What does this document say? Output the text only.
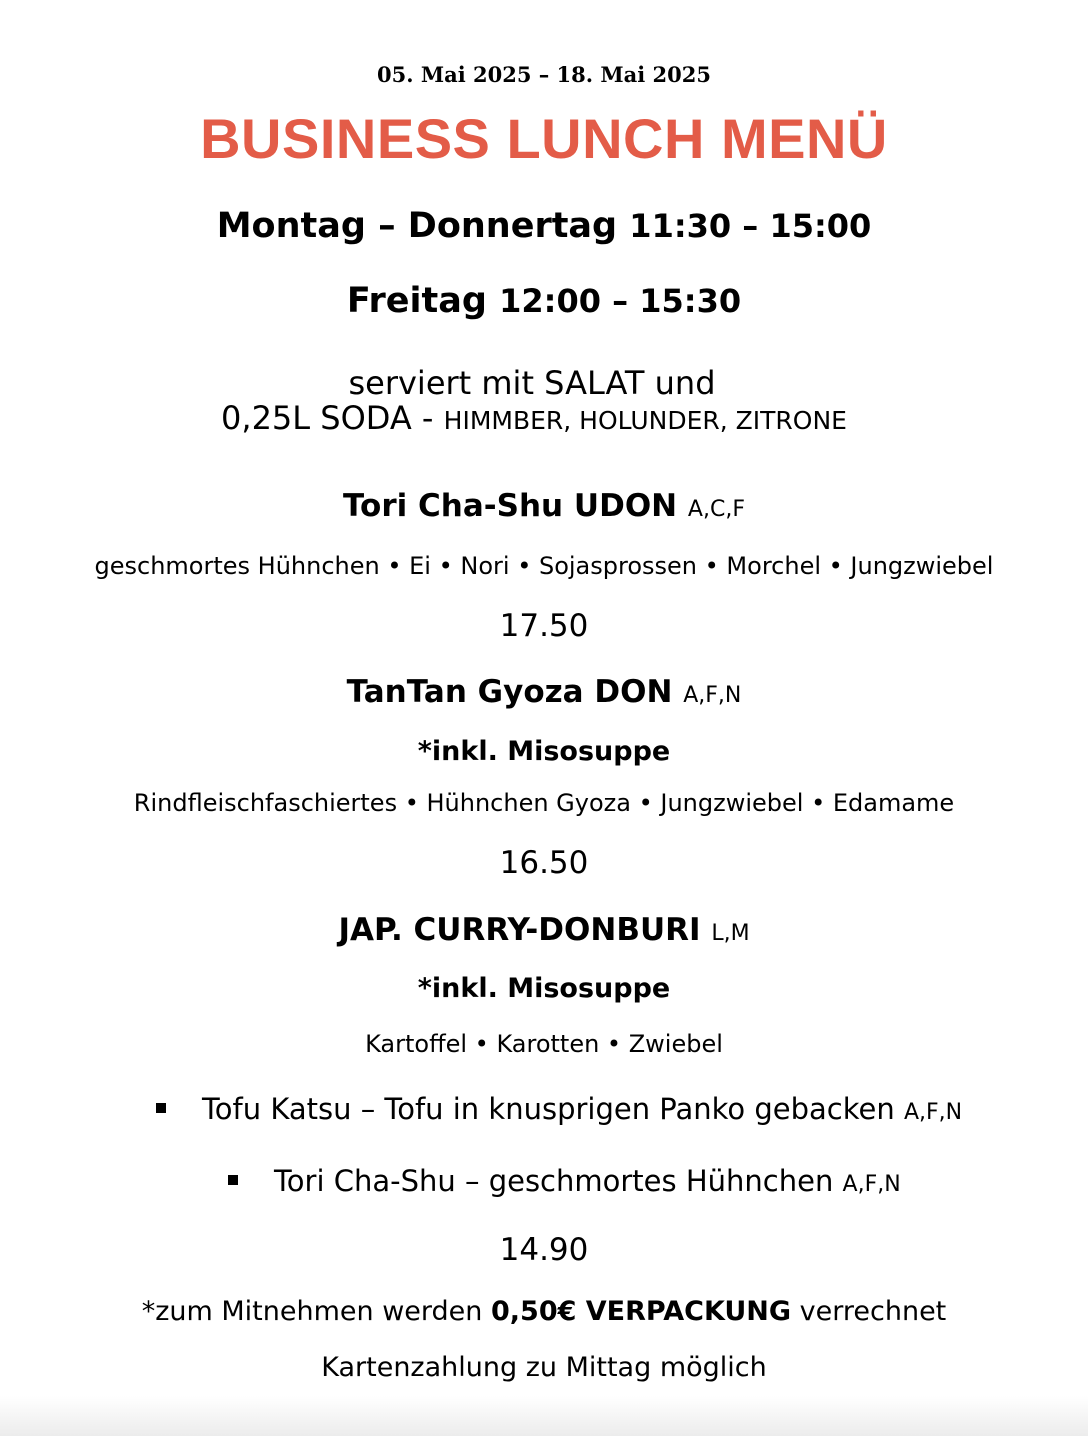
05. Mai 2025 – 18. Mai 2025
BUSINESS LUNCH MENÜ
Montag – Donnertag 11:30 – 15:00
Freitag 12:00 – 15:30
serviert mit SALAT und
0,25L SODA - HIMMBER, HOLUNDER, ZITRONE
Tori Cha-Shu UDON A,C,F
geschmortes Hühnchen • Ei • Nori • Sojasprossen • Morchel • Jungzwiebel
17.50
TanTan Gyoza DON A,F,N
*inkl. Misosuppe
Rindfleischfaschiertes • Hühnchen Gyoza • Jungzwiebel • Edamame
16.50
JAP. CURRY-DONBURI L,M
*inkl. Misosuppe
Kartoffel • Karotten • Zwiebel
Tofu Katsu – Tofu in knusprigen Panko gebacken A,F,N
Tori Cha-Shu – geschmortes Hühnchen A,F,N
14.90
*zum Mitnehmen werden 0,50€ VERPACKUNG verrechnet
Kartenzahlung zu Mittag möglich
